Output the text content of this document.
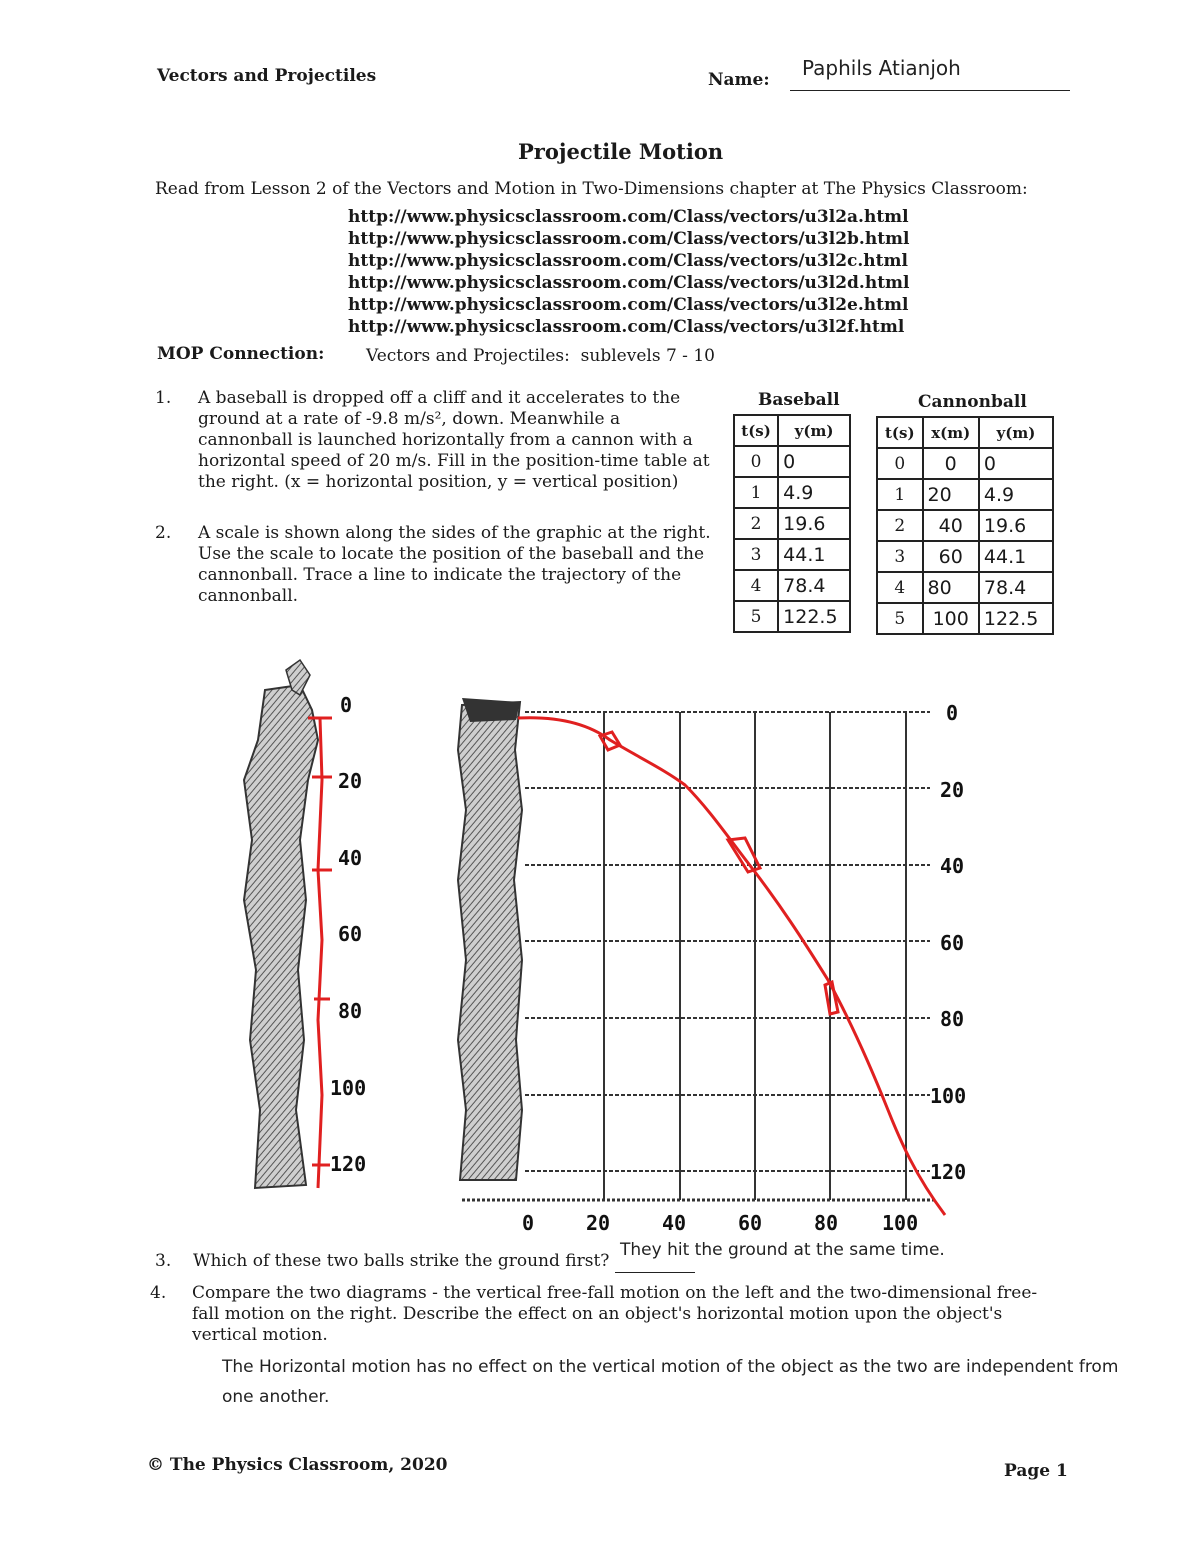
Vectors and Projectiles	Name: Paphils Atianjoh
Projectile Motion
Read from Lesson 2 of the Vectors and Motion in Two-Dimensions chapter at The Physics Classroom:
http://www.physicsclassroom.com/Class/vectors/u3l2a.html
http://www.physicsclassroom.com/Class/vectors/u3l2b.html
http://www.physicsclassroom.com/Class/vectors/u3l2c.html
http://www.physicsclassroom.com/Class/vectors/u3l2d.html
http://www.physicsclassroom.com/Class/vectors/u3l2e.html
http://www.physicsclassroom.com/Class/vectors/u3l2f.html
MOP Connection: Vectors and Projectiles:  sublevels 7 - 10
1. A baseball is dropped off a cliff and it accelerates to the
ground at a rate of -9.8 m/s², down. Meanwhile a
cannonball is launched horizontally from a cannon with a
horizontal speed of 20 m/s. Fill in the position-time table at
the right. (x = horizontal position, y = vertical position)
2. A scale is shown along the sides of the graphic at the right.
Use the scale to locate the position of the baseball and the
cannonball. Trace a line to indicate the trajectory of the
cannonball.
Baseball
t(s)	y(m)
0	0
1	4.9
2	19.6
3	44.1
4	78.4
5	122.5
Cannonball
t(s)	x(m)	y(m)
0	0	0
1	20	4.9
2	40	19.6
3	60	44.1
4	80	78.4
5	100	122.5
0
20
40
60
80
100
120
0
20
40
60
80
100
120
0	20	40	60	80 100
3. Which of these two balls strike the ground first?
They hit the ground at the same time.
4. Compare the two diagrams - the vertical free-fall motion on the left and the two-dimensional free-
fall motion on the right. Describe the effect on an object's horizontal motion upon the object's
vertical motion.
The Horizontal motion has no effect on the vertical motion of the object as the two are independent from
one another.
© The Physics Classroom, 2020	Page 1
